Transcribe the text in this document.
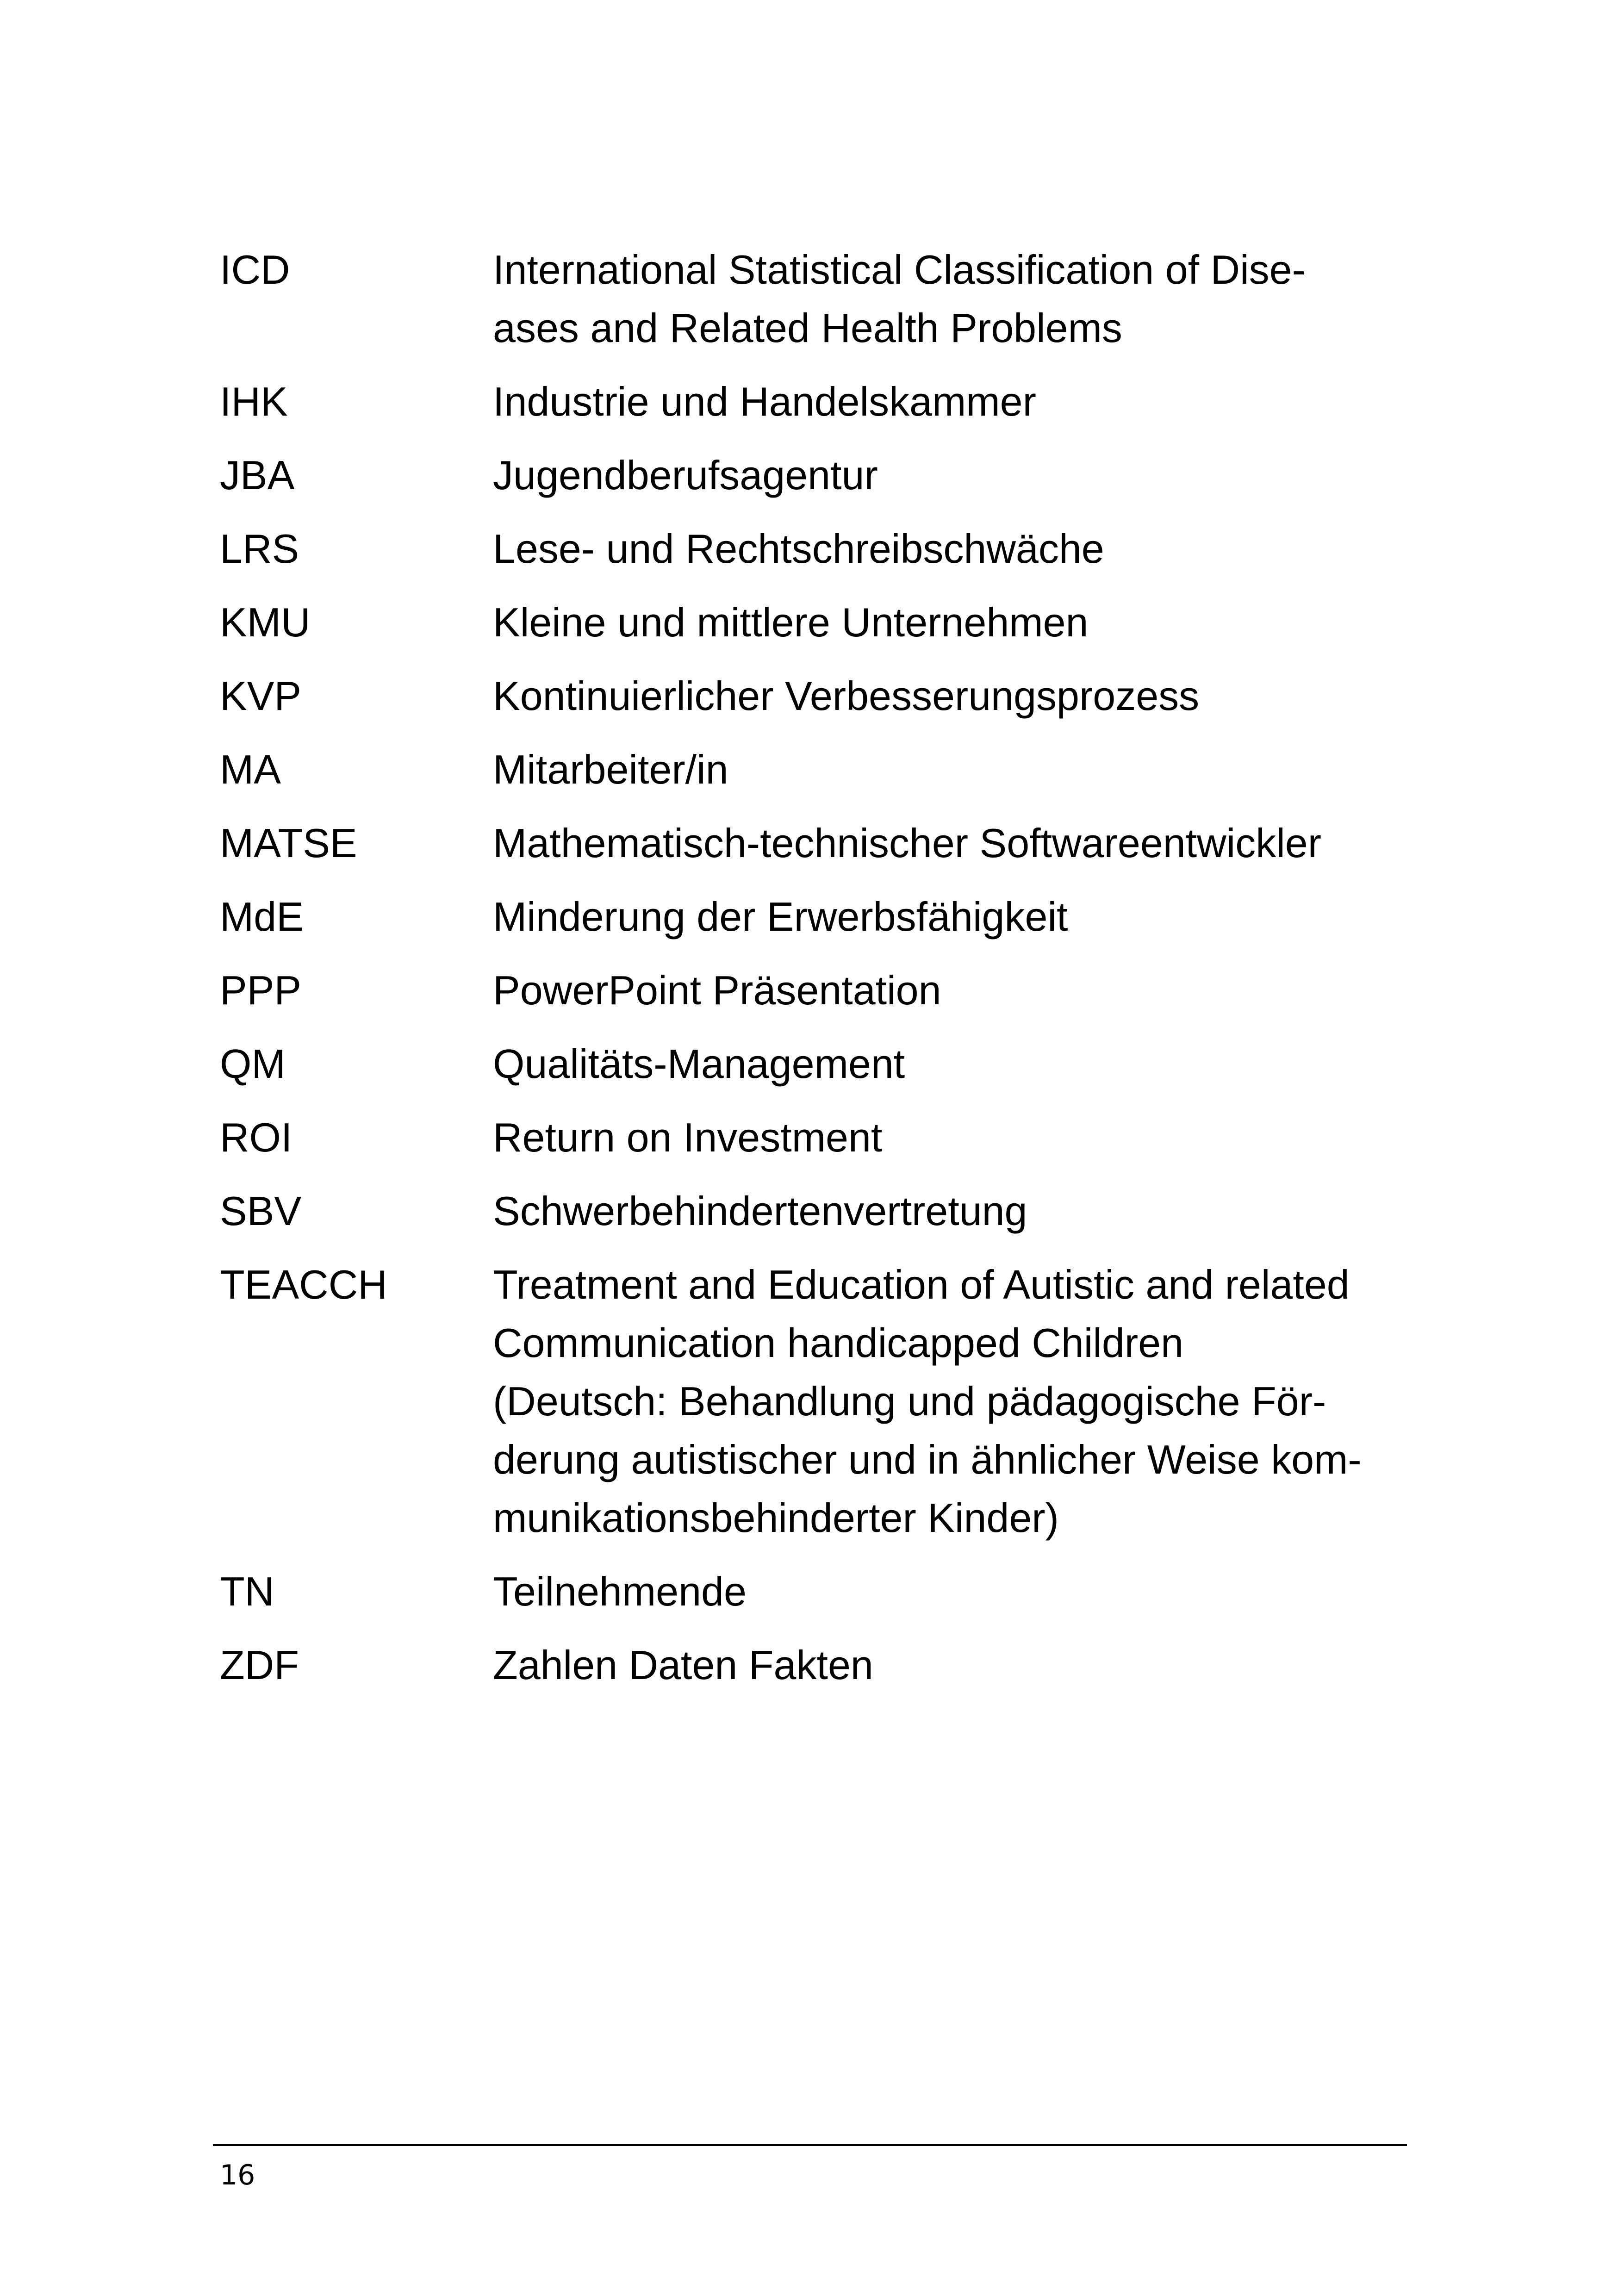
ICD	International Statistical Classification of Dise-
ases and Related Health Problems
IHK	Industrie und Handelskammer
JBA	Jugendberufsagentur
LRS	Lese- und Rechtschreibschwäche
KMU	Kleine und mittlere Unternehmen
KVP	Kontinuierlicher Verbesserungsprozess
MA	Mitarbeiter/in
MATSE	Mathematisch-technischer Softwareentwickler
MdE	Minderung der Erwerbsfähigkeit
PPP	PowerPoint Präsentation
QM	Qualitäts-Management
ROI	Return on Investment
SBV	Schwerbehindertenvertretung
TEACCH	Treatment and Education of Autistic and related
Communication handicapped Children
(Deutsch: Behandlung und pädagogische För-
derung autistischer und in ähnlicher Weise kom-
munikationsbehinderter Kinder)
TN	Teilnehmende
ZDF	Zahlen Daten Fakten
16
